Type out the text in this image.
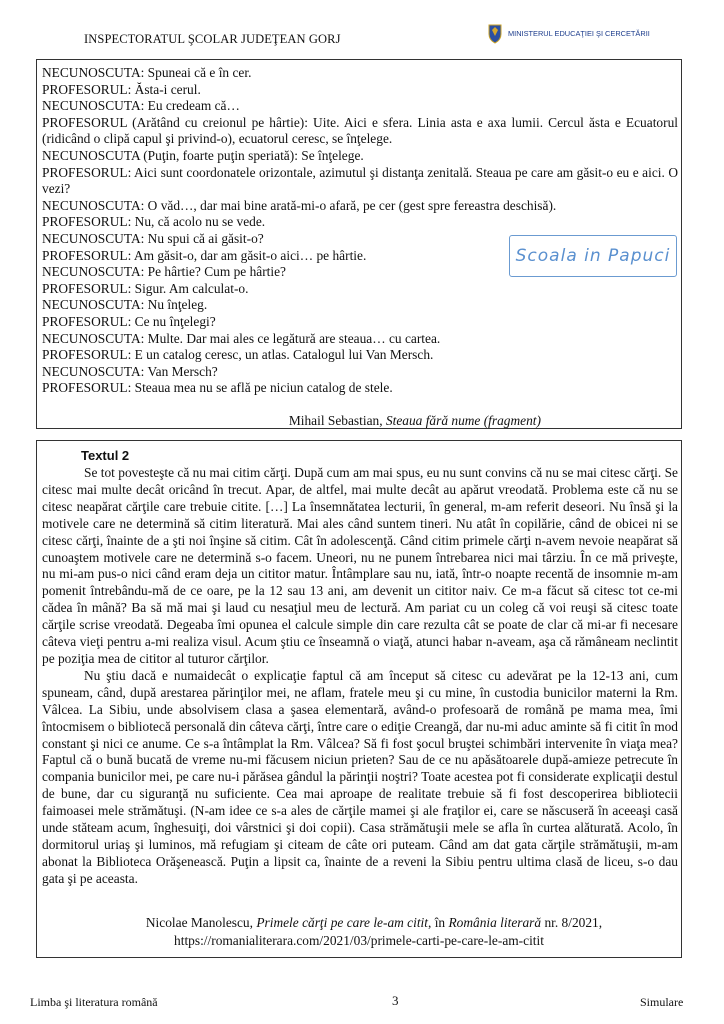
INSPECTORATUL ŞCOLAR JUDEŢEAN GORJ	MINISTERUL EDUCAŢIEI ŞI CERCETĂRII

NECUNOSCUTA: Spuneai că e în cer.

PROFESORUL: Ăsta-i cerul.

NECUNOSCUTA: Eu credeam că…

PROFESORUL (Arătând cu creionul pe hârtie): Uite. Aici e sfera. Linia asta e axa lumii. Cercul ăsta e Ecuatorul (ridicând o clipă capul şi privind-o), ecuatorul ceresc, se înţelege.

NECUNOSCUTA (Puţin, foarte puţin speriată): Se înţelege.

PROFESORUL: Aici sunt coordonatele orizontale, azimutul şi distanţa zenitală. Steaua pe care am găsit-o eu e aici. O vezi?

NECUNOSCUTA: O văd…, dar mai bine arată-mi-o afară, pe cer (gest spre fereastra deschisă).

PROFESORUL: Nu, că acolo nu se vede.

NECUNOSCUTA: Nu spui că ai găsit-o?

PROFESORUL: Am găsit-o, dar am găsit-o aici… pe hârtie.

NECUNOSCUTA: Pe hârtie? Cum pe hârtie?

PROFESORUL: Sigur. Am calculat-o.

NECUNOSCUTA: Nu înţeleg.

PROFESORUL: Ce nu înţelegi?

NECUNOSCUTA: Multe. Dar mai ales ce legătură are steaua… cu cartea.

PROFESORUL: E un catalog ceresc, un atlas. Catalogul lui Van Mersch.

NECUNOSCUTA: Van Mersch?

PROFESORUL: Steaua mea nu se află pe niciun catalog de stele.

Scoala in Papuci
Mihail Sebastian, Steaua fără nume (fragment)
Textul 2

Se tot povesteşte că nu mai citim cărţi. După cum am mai spus, eu nu sunt convins că nu se mai citesc cărţi. Se citesc mai multe decât oricând în trecut. Apar, de altfel, mai multe decât au apărut vreodată. Problema este că nu se citesc neapărat cărţile care trebuie citite. […] La însemnătatea lecturii, în general, m-am referit deseori. Nu însă şi la motivele care ne determină să citim literatură. Mai ales când suntem tineri. Nu atât în copilărie, când de obicei ni se citesc cărţi, înainte de a şti noi înşine să citim. Cât în adolescenţă. Când citim primele cărţi n-avem nevoie neapărat să cunoaştem motivele care ne determină s-o facem. Uneori, nu ne punem întrebarea nici mai târziu. În ce mă priveşte, nu mi-am pus-o nici când eram deja un cititor matur. Întâmplare sau nu, iată, într-o noapte recentă de insomnie m-am pomenit întrebându-mă de ce oare, pe la 12 sau 13 ani, am devenit un cititor naiv. Ce m-a făcut să citesc tot ce-mi cădea în mână? Ba să mă mai şi laud cu nesaţiul meu de lectură. Am pariat cu un coleg că voi reuşi să citesc toate cărţile scrise vreodată. Degeaba îmi opunea el calcule simple din care rezulta cât se poate de clar că mi-ar fi necesare câteva vieţi pentru a-mi realiza visul. Acum ştiu ce înseamnă o viaţă, atunci habar n-aveam, aşa că rămâneam neclintit pe poziţia mea de cititor al tuturor cărţilor.

Nu ştiu dacă e numaidecât o explicaţie faptul că am început să citesc cu adevărat pe la 12-13 ani, cum spuneam, când, după arestarea părinţilor mei, ne aflam, fratele meu şi cu mine, în custodia bunicilor materni la Rm. Vâlcea. La Sibiu, unde absolvisem clasa a şasea elementară, având-o profesoară de română pe mama mea, îmi întocmisem o bibliotecă personală din câteva cărţi, între care o ediţie Creangă, dar nu-mi aduc aminte să fi citit în mod constant şi nici ce anume. Ce s-a întâmplat la Rm. Vâlcea? Să fi fost şocul bruştei schimbări intervenite în viaţa mea? Faptul că o bună bucată de vreme nu-mi făcusem niciun prieten? Sau de ce nu apăsătoarele după-amieze petrecute în compania bunicilor mei, pe care nu-i părăsea gândul la părinţii noştri? Toate acestea pot fi considerate explicaţii destul de bune, dar cu siguranţă nu suficiente. Cea mai aproape de realitate trebuie să fi fost descoperirea bibliotecii faimoasei mele strămătuşi. (N-am idee ce s-a ales de cărţile mamei şi ale fraţilor ei, care se născuseră în aceeaşi casă unde stăteam acum, înghesuiţi, doi vârstnici şi doi copii). Casa strămătuşii mele se afla în curtea alăturată. Acolo, în dormitorul uriaş şi luminos, mă refugiam şi citeam de câte ori puteam. Când am dat gata cărţile strămătuşii, m-am abonat la Biblioteca Orăşenească. Puţin a lipsit ca, înainte de a reveni la Sibiu pentru ultima clasă de liceu, s-o dau gata şi pe aceasta.

Nicolae Manolescu, Primele cărţi pe care le-am citit, în România literară nr. 8/2021,
https://romanialiterara.com/2021/03/primele-carti-pe-care-le-am-citit
Limba şi literatura română	3	Simulare
